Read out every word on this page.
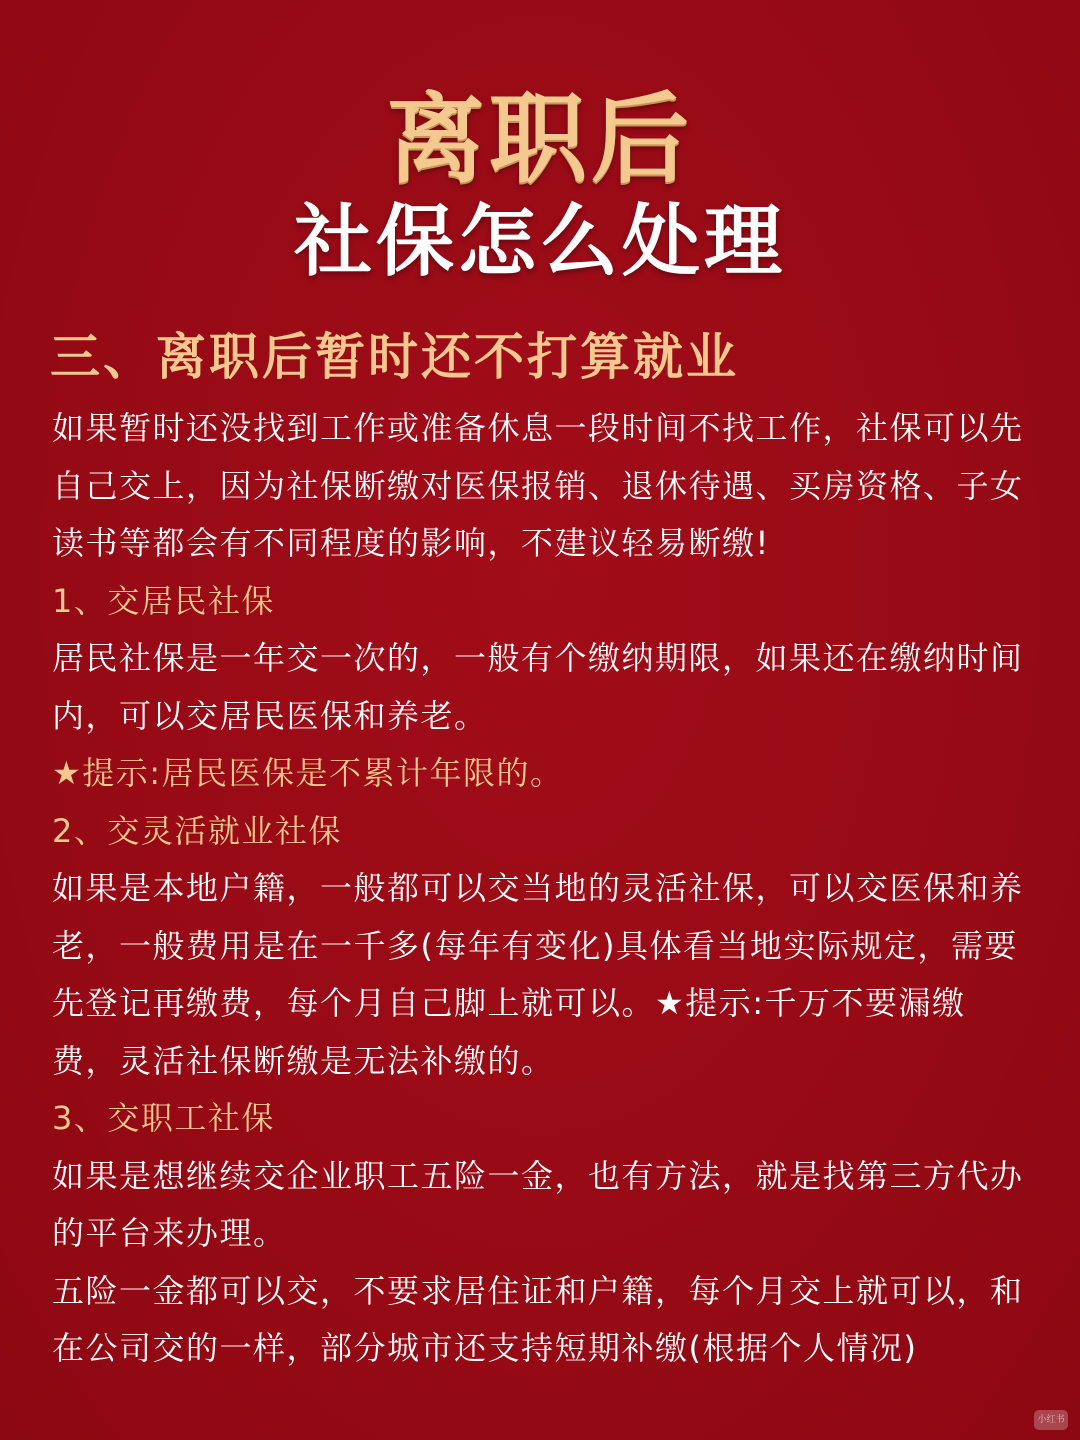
离职后
社保怎么处理
三、离职后暂时还不打算就业

如果暂时还没找到工作或准备休息一段时间不找工作，社保可以先自己交上，因为社保断缴对医保报销、退休待遇、买房资格、子女读书等都会有不同程度的影响，不建议轻易断缴!

1、交居民社保

居民社保是一年交一次的，一般有个缴纳期限，如果还在缴纳时间内，可以交居民医保和养老。

★提示:居民医保是不累计年限的。

2、交灵活就业社保

如果是本地户籍，一般都可以交当地的灵活社保，可以交医保和养老，一般费用是在一千多(每年有变化)具体看当地实际规定，需要先登记再缴费，每个月自己脚上就可以。★提示:千万不要漏缴费，灵活社保断缴是无法补缴的。

3、交职工社保

如果是想继续交企业职工五险一金，也有方法，就是找第三方代办的平台来办理。

五险一金都可以交，不要求居住证和户籍，每个月交上就可以，和在公司交的一样，部分城市还支持短期补缴(根据个人情况)

小红书
